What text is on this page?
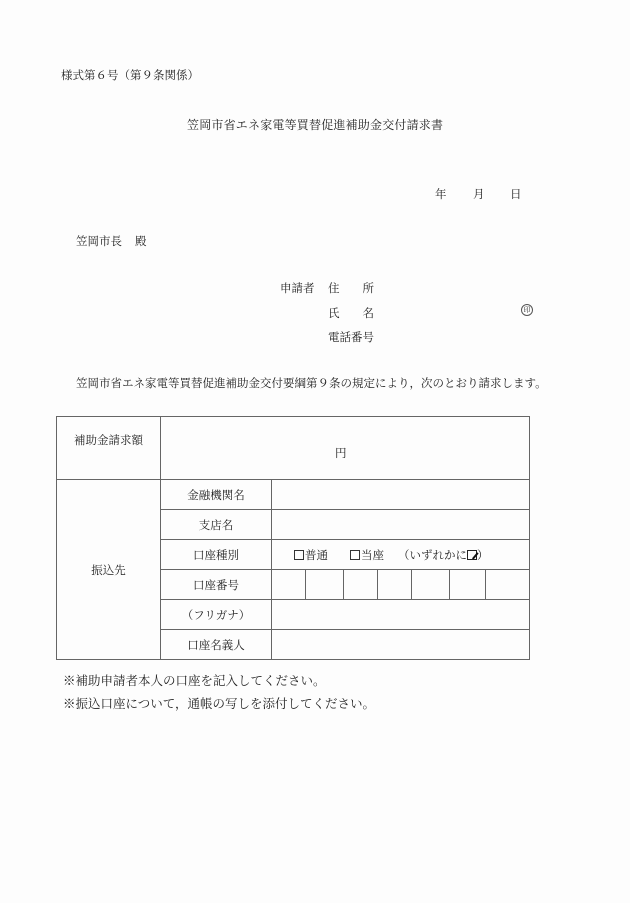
様式第６号（第９条関係）
笠岡市省エネ家電等買替促進補助金交付請求書
年 月 日
笠岡市長 殿
申請者 住　　所
氏　　名	印
電話番号
笠岡市省エネ家電等買替促進補助金交付要綱第９条の規定により，次のとおり請求します。
補助金請求額	円	

振込先	金融機関名	
	支店名	
	口座種別	普通 当座 （いずれかに ）
	口座番号	

	（フリガナ）	
	口座名義人	
※補助申請者本人の口座を記入してください。
※振込口座について，通帳の写しを添付してください。
